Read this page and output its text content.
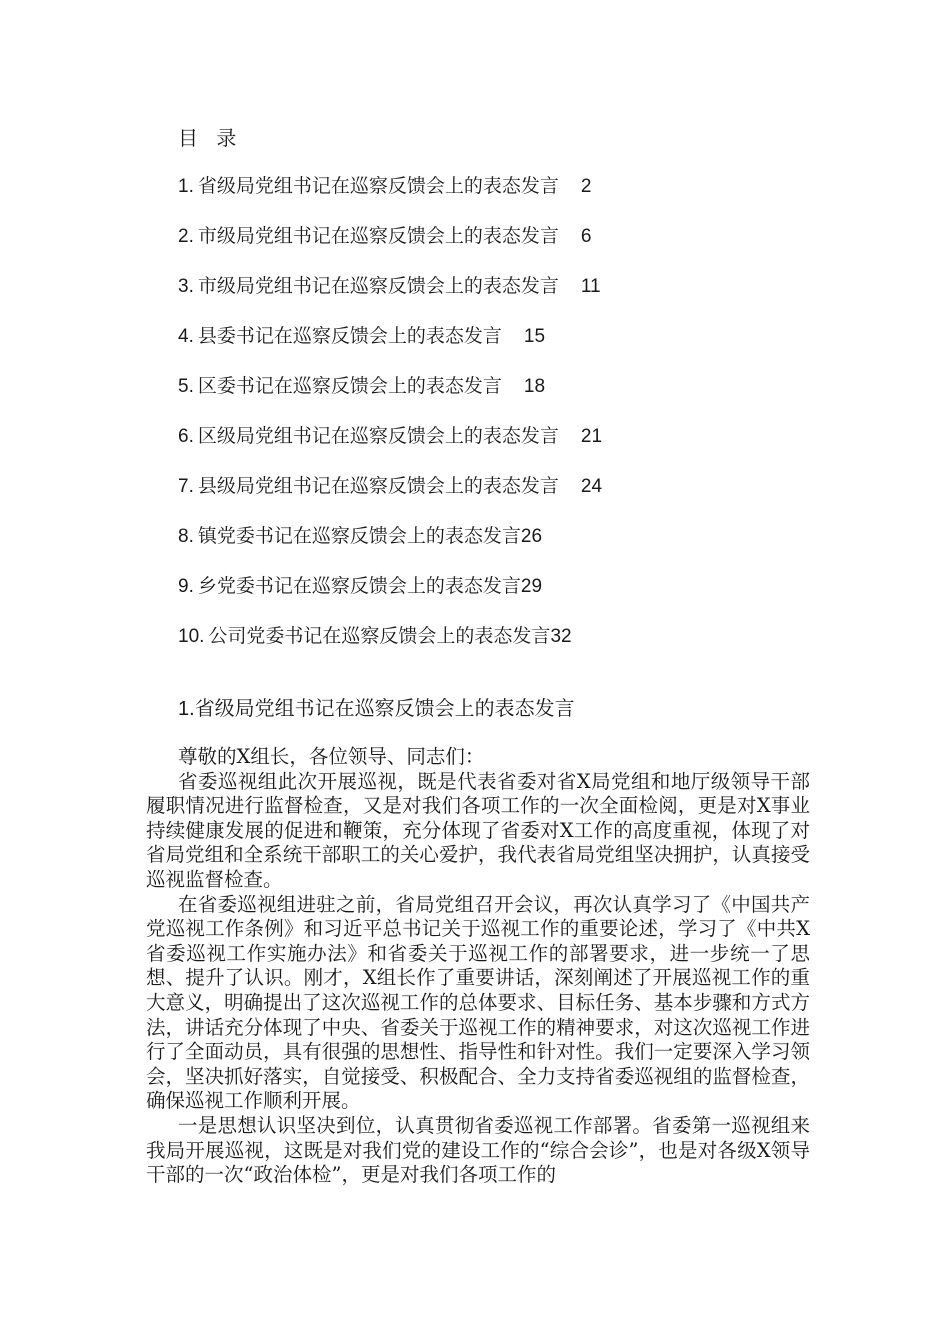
目 录
1. 省级局党组书记在巡察反馈会上的表态发言 2
2. 市级局党组书记在巡察反馈会上的表态发言 6
3. 市级局党组书记在巡察反馈会上的表态发言 11
4. 县委书记在巡察反馈会上的表态发言 15
5. 区委书记在巡察反馈会上的表态发言 18
6. 区级局党组书记在巡察反馈会上的表态发言 21
7. 县级局党组书记在巡察反馈会上的表态发言 24
8. 镇党委书记在巡察反馈会上的表态发言26
9. 乡党委书记在巡察反馈会上的表态发言29
10. 公司党委书记在巡察反馈会上的表态发言32
1.省级局党组书记在巡察反馈会上的表态发言

尊敬的X组长，各位领导、同志们：

省委巡视组此次开展巡视，既是代表省委对省X局党组和地厅级领导干部履职情况进行监督检查，又是对我们各项工作的一次全面检阅，更是对X事业持续健康发展的促进和鞭策，充分体现了省委对X工作的高度重视，体现了对省局党组和全系统干部职工的关心爱护，我代表省局党组坚决拥护，认真接受巡视监督检查。

在省委巡视组进驻之前，省局党组召开会议，再次认真学习了《中国共产党巡视工作条例》和习近平总书记关于巡视工作的重要论述，学习了《中共X省委巡视工作实施办法》和省委关于巡视工作的部署要求，进一步统一了思想、提升了认识。刚才，X组长作了重要讲话，深刻阐述了开展巡视工作的重大意义，明确提出了这次巡视工作的总体要求、目标任务、基本步骤和方式方法，讲话充分体现了中央、省委关于巡视工作的精神要求，对这次巡视工作进行了全面动员，具有很强的思想性、指导性和针对性。我们一定要深入学习领会，坚决抓好落实，自觉接受、积极配合、全力支持省委巡视组的监督检查，确保巡视工作顺利开展。

一是思想认识坚决到位，认真贯彻省委巡视工作部署。省委第一巡视组来我局开展巡视，这既是对我们党的建设工作的“综合会诊”，也是对各级X领导干部的一次“政治体检”，更是对我们各项工作的
